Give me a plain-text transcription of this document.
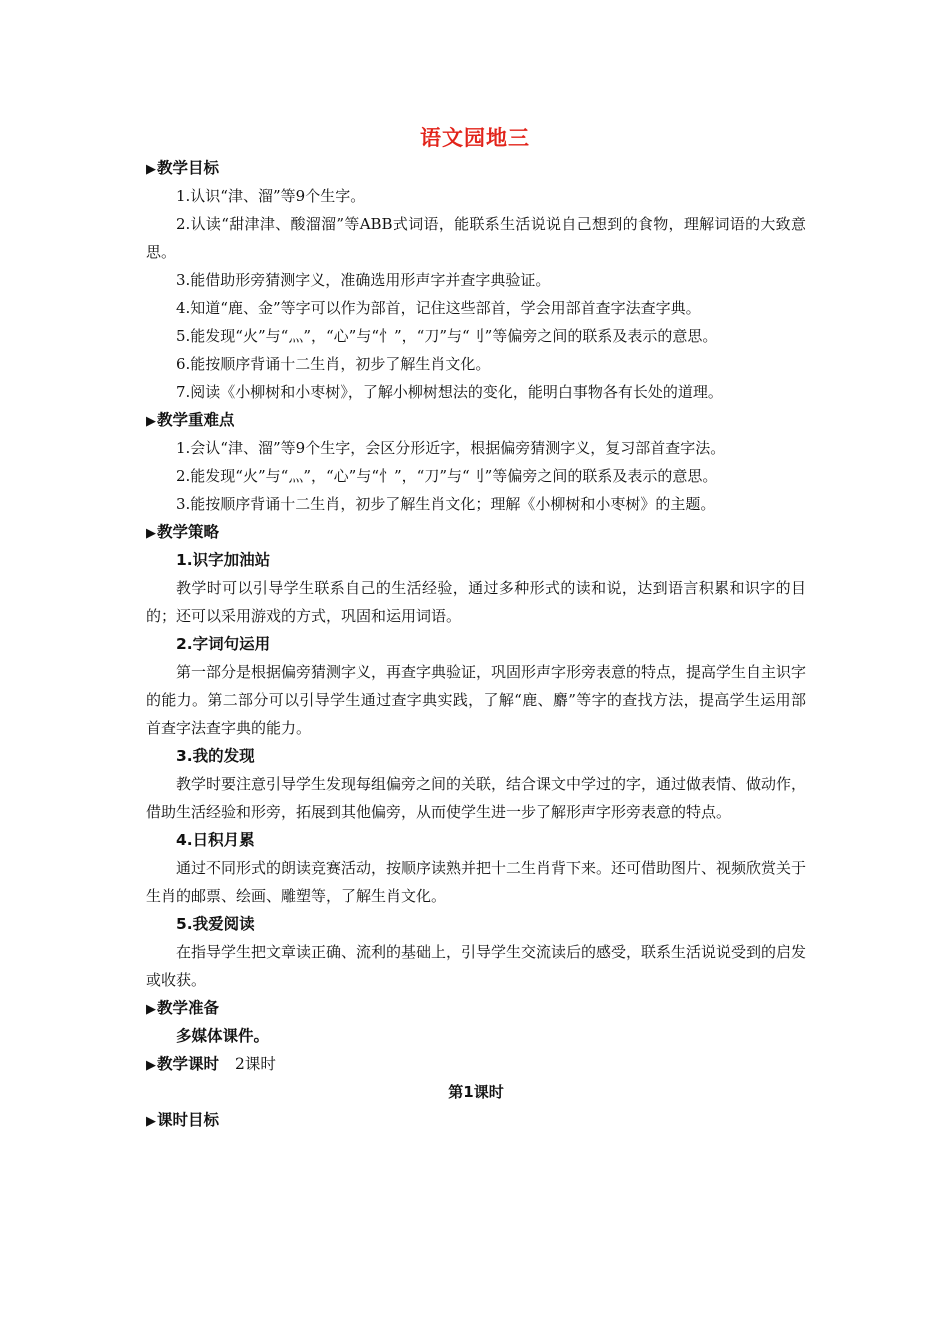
语文园地三
▶教学目标
1.认识“津、溜”等9个生字。
2.认读“甜津津、酸溜溜”等ABB式词语，能联系生活说说自己想到的食物，理解词语的大致意思。
3.能借助形旁猜测字义，准确选用形声字并查字典验证。
4.知道“鹿、金”等字可以作为部首，记住这些部首，学会用部首查字法查字典。
5.能发现“火”与“灬”，“心”与“忄”，“刀”与“刂”等偏旁之间的联系及表示的意思。
6.能按顺序背诵十二生肖，初步了解生肖文化。
7.阅读《小柳树和小枣树》，了解小柳树想法的变化，能明白事物各有长处的道理。
▶教学重难点
1.会认“津、溜”等9个生字，会区分形近字，根据偏旁猜测字义，复习部首查字法。
2.能发现“火”与“灬”，“心”与“忄”，“刀”与“刂”等偏旁之间的联系及表示的意思。
3.能按顺序背诵十二生肖，初步了解生肖文化；理解《小柳树和小枣树》的主题。
▶教学策略
1.识字加油站
教学时可以引导学生联系自己的生活经验，通过多种形式的读和说，达到语言积累和识字的目的；还可以采用游戏的方式，巩固和运用词语。
2.字词句运用
第一部分是根据偏旁猜测字义，再查字典验证，巩固形声字形旁表意的特点，提高学生自主识字的能力。第二部分可以引导学生通过查字典实践，了解“鹿、麝”等字的查找方法，提高学生运用部首查字法查字典的能力。
3.我的发现
教学时要注意引导学生发现每组偏旁之间的关联，结合课文中学过的字，通过做表情、做动作，借助生活经验和形旁，拓展到其他偏旁，从而使学生进一步了解形声字形旁表意的特点。
4.日积月累
通过不同形式的朗读竞赛活动，按顺序读熟并把十二生肖背下来。还可借助图片、视频欣赏关于生肖的邮票、绘画、雕塑等，了解生肖文化。
5.我爱阅读
在指导学生把文章读正确、流利的基础上，引导学生交流读后的感受，联系生活说说受到的启发或收获。
▶教学准备
多媒体课件。
▶教学课时 2课时
第1课时
▶课时目标
